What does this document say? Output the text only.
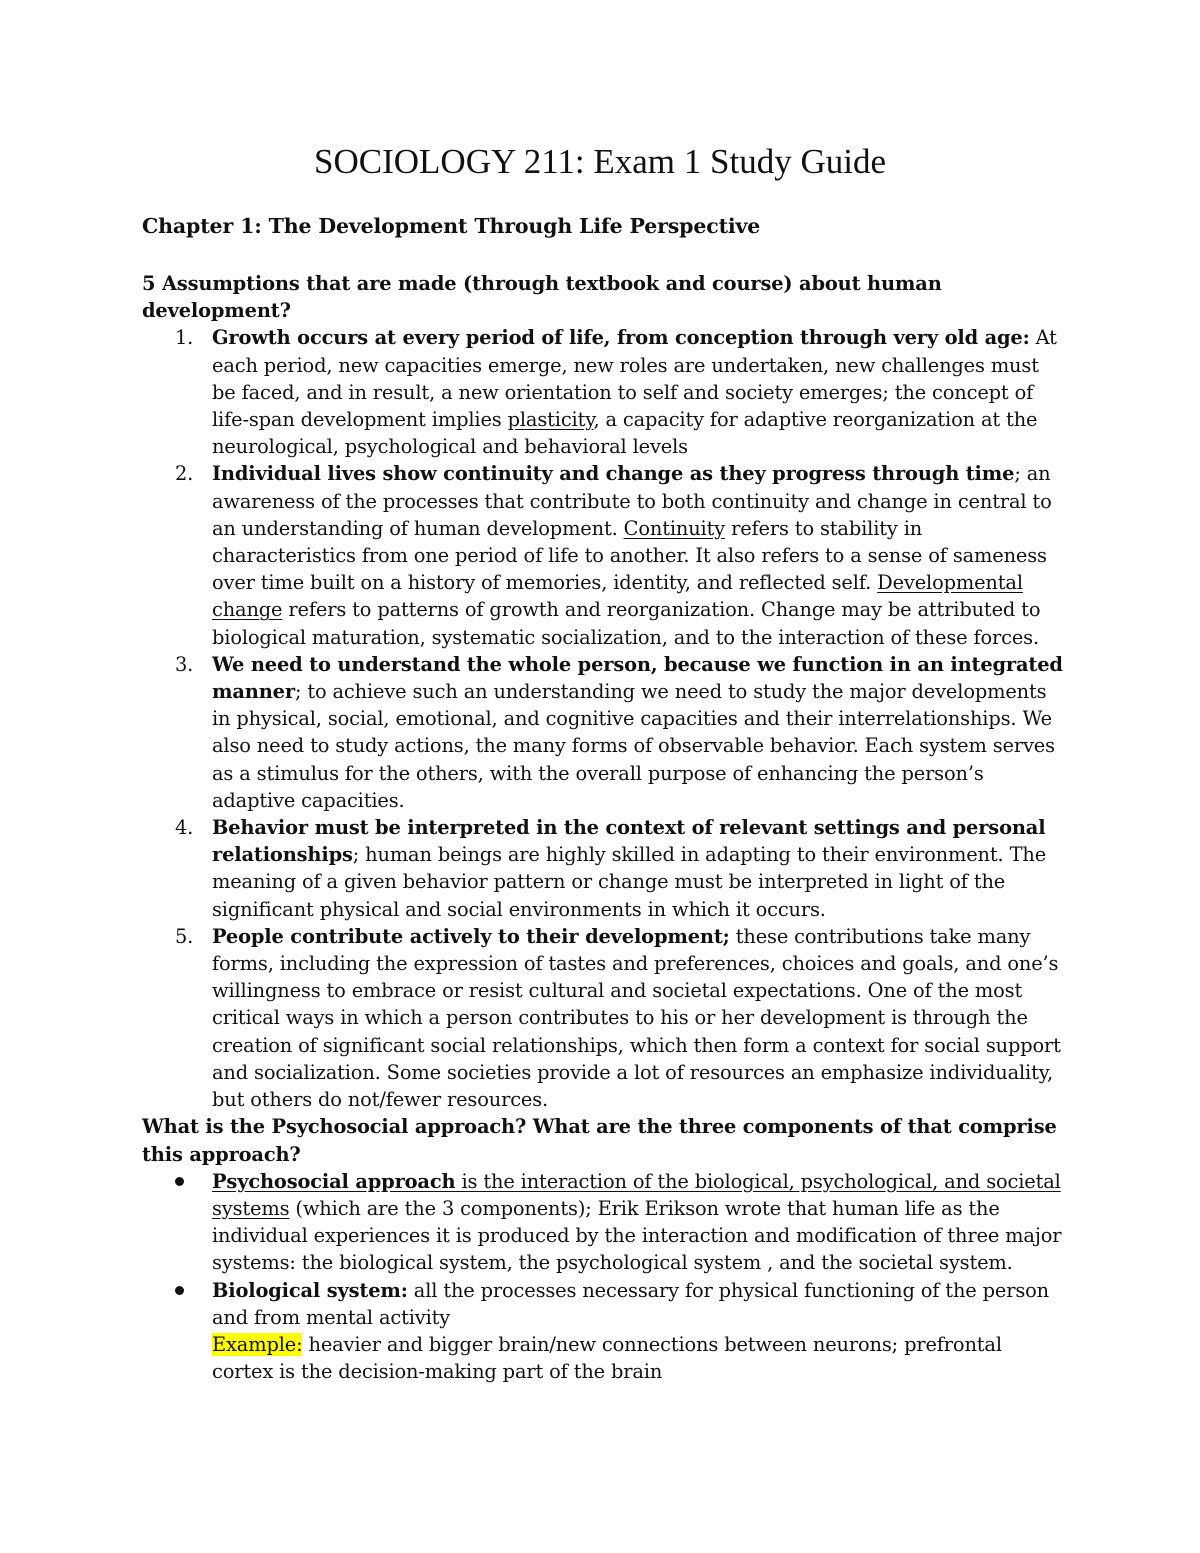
SOCIOLOGY 211: Exam 1 Study Guide

Chapter 1: The Development Through Life Perspective

5 Assumptions that are made (through textbook and course) about human development?

1. Growth occurs at every period of life, from conception through very old age: At each period, new capacities emerge, new roles are undertaken, new challenges must be faced, and in result, a new orientation to self and society emerges; the concept of life-span development implies plasticity, a capacity for adaptive reorganization at the neurological, psychological and behavioral levels
2. Individual lives show continuity and change as they progress through time; an awareness of the processes that contribute to both continuity and change in central to an understanding of human development. Continuity refers to stability in characteristics from one period of life to another. It also refers to a sense of sameness over time built on a history of memories, identity, and reflected self. Developmental change refers to patterns of growth and reorganization. Change may be attributed to biological maturation, systematic socialization, and to the interaction of these forces.
3. We need to understand the whole person, because we function in an integrated manner; to achieve such an understanding we need to study the major developments in physical, social, emotional, and cognitive capacities and their interrelationships. We also need to study actions, the many forms of observable behavior. Each system serves as a stimulus for the others, with the overall purpose of enhancing the person’s adaptive capacities.
4. Behavior must be interpreted in the context of relevant settings and personal relationships; human beings are highly skilled in adapting to their environment. The meaning of a given behavior pattern or change must be interpreted in light of the significant physical and social environments in which it occurs.
5. People contribute actively to their development; these contributions take many forms, including the expression of tastes and preferences, choices and goals, and one’s willingness to embrace or resist cultural and societal expectations. One of the most critical ways in which a person contributes to his or her development is through the creation of significant social relationships, which then form a context for social support and socialization. Some societies provide a lot of resources an emphasize individuality, but others do not/fewer resources.

What is the Psychosocial approach? What are the three components of that comprise this approach?

Psychosocial approach is the interaction of the biological, psychological, and societal systems (which are the 3 components); Erik Erikson wrote that human life as the individual experiences it is produced by the interaction and modification of three major systems: the biological system, the psychological system , and the societal system.
Biological system: all the processes necessary for physical functioning of the person and from mental activity
Example: heavier and bigger brain/new connections between neurons; prefrontal cortex is the decision-making part of the brain
